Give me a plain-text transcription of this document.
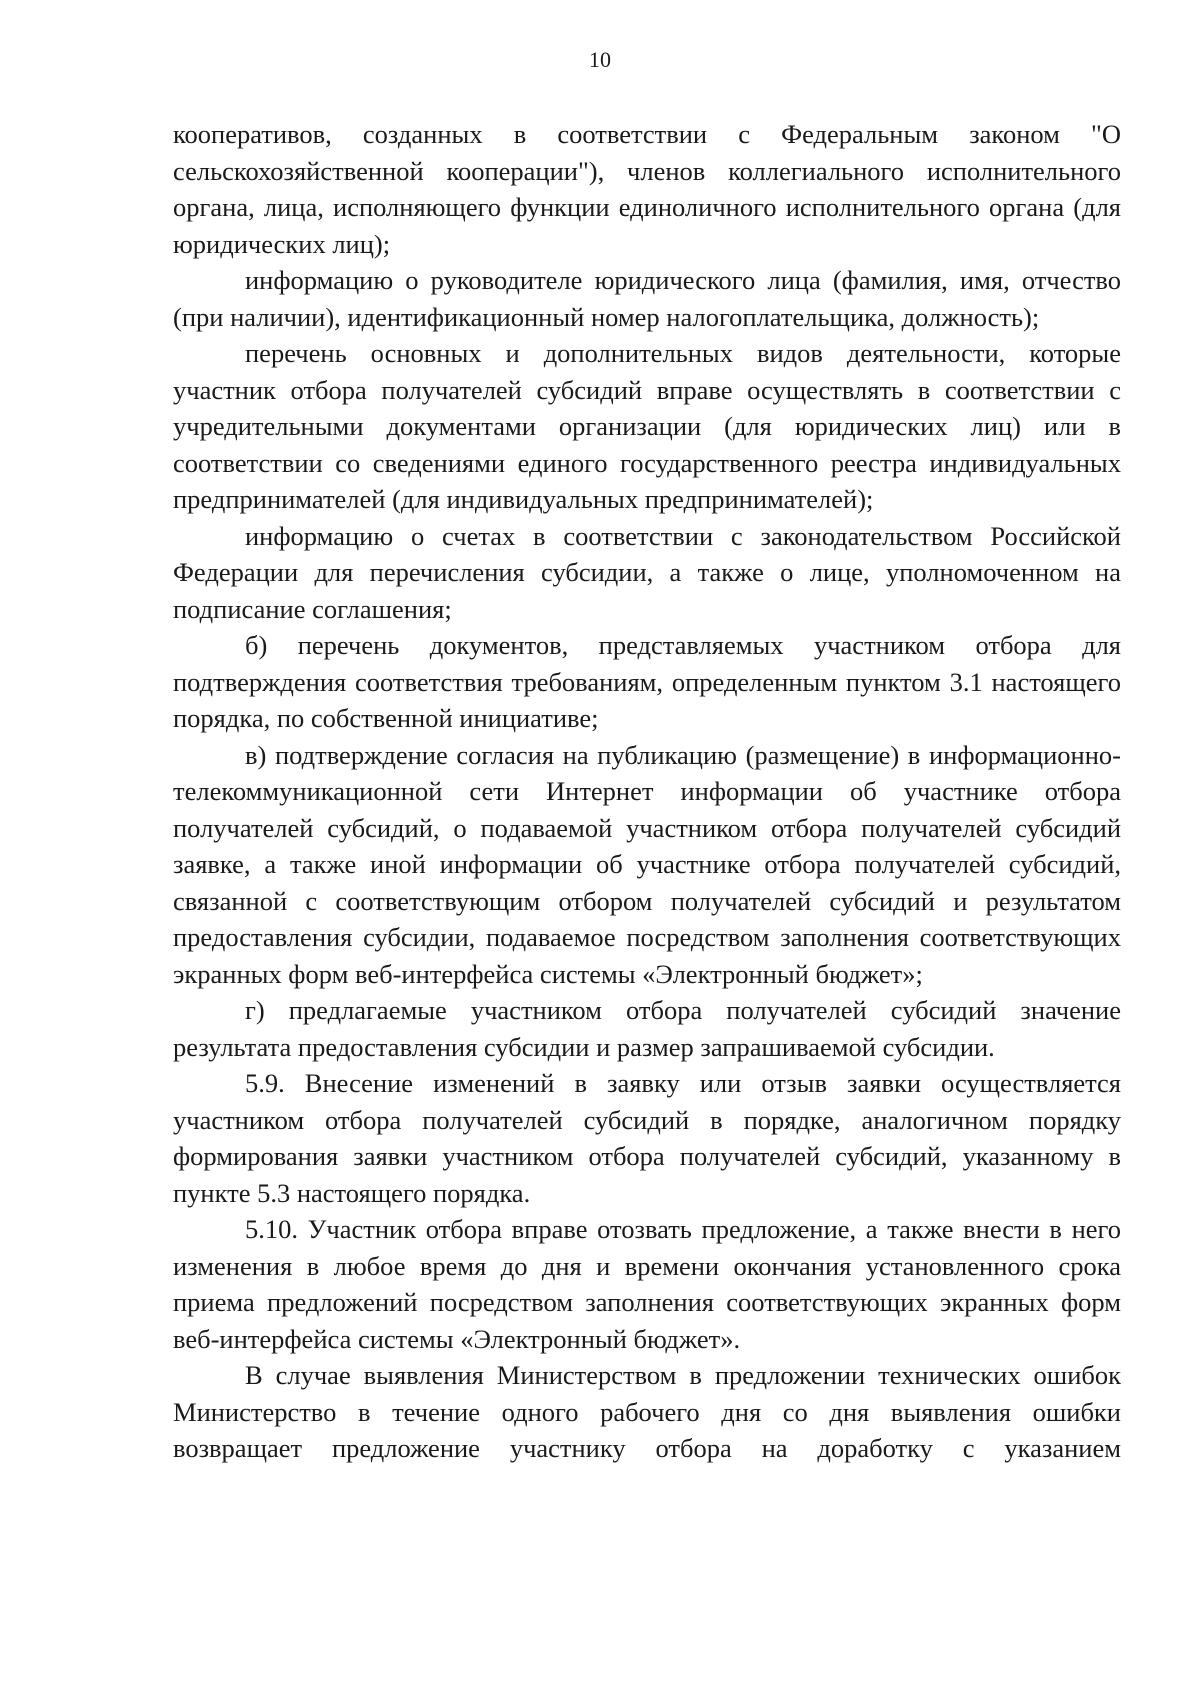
10

кооперативов, созданных в соответствии с Федеральным законом "О сельскохозяйственной кооперации"), членов коллегиального исполнительного органа, лица, исполняющего функции единоличного исполнительного органа (для юридических лиц);

информацию о руководителе юридического лица (фамилия, имя, отчество (при наличии), идентификационный номер налогоплательщика, должность);

перечень основных и дополнительных видов деятельности, которые участник отбора получателей субсидий вправе осуществлять в соответствии с учредительными документами организации (для юридических лиц) или в соответствии со сведениями единого государственного реестра индивидуальных предпринимателей (для индивидуальных предпринимателей);

информацию о счетах в соответствии с законодательством Российской Федерации для перечисления субсидии, а также о лице, уполномоченном на подписание соглашения;

б) перечень документов, представляемых участником отбора для подтверждения соответствия требованиям, определенным пунктом 3.1 настоящего порядка, по собственной инициативе;

в) подтверждение согласия на публикацию (размещение) в информационно-телекоммуникационной сети Интернет информации об участнике отбора получателей субсидий, о подаваемой участником отбора получателей субсидий заявке, а также иной информации об участнике отбора получателей субсидий, связанной с соответствующим отбором получателей субсидий и результатом предоставления субсидии, подаваемое посредством заполнения соответствующих экранных форм веб-интерфейса системы «Электронный бюджет»;

г) предлагаемые участником отбора получателей субсидий значение результата предоставления субсидии и размер запрашиваемой субсидии.

5.9. Внесение изменений в заявку или отзыв заявки осуществляется участником отбора получателей субсидий в порядке, аналогичном порядку формирования заявки участником отбора получателей субсидий, указанному в пункте 5.3 настоящего порядка.

5.10. Участник отбора вправе отозвать предложение, а также внести в него изменения в любое время до дня и времени окончания установленного срока приема предложений посредством заполнения соответствующих экранных форм веб-интерфейса системы «Электронный бюджет».

В случае выявления Министерством в предложении технических ошибок Министерство в течение одного рабочего дня со дня выявления ошибки возвращает предложение участнику отбора на доработку с указанием
